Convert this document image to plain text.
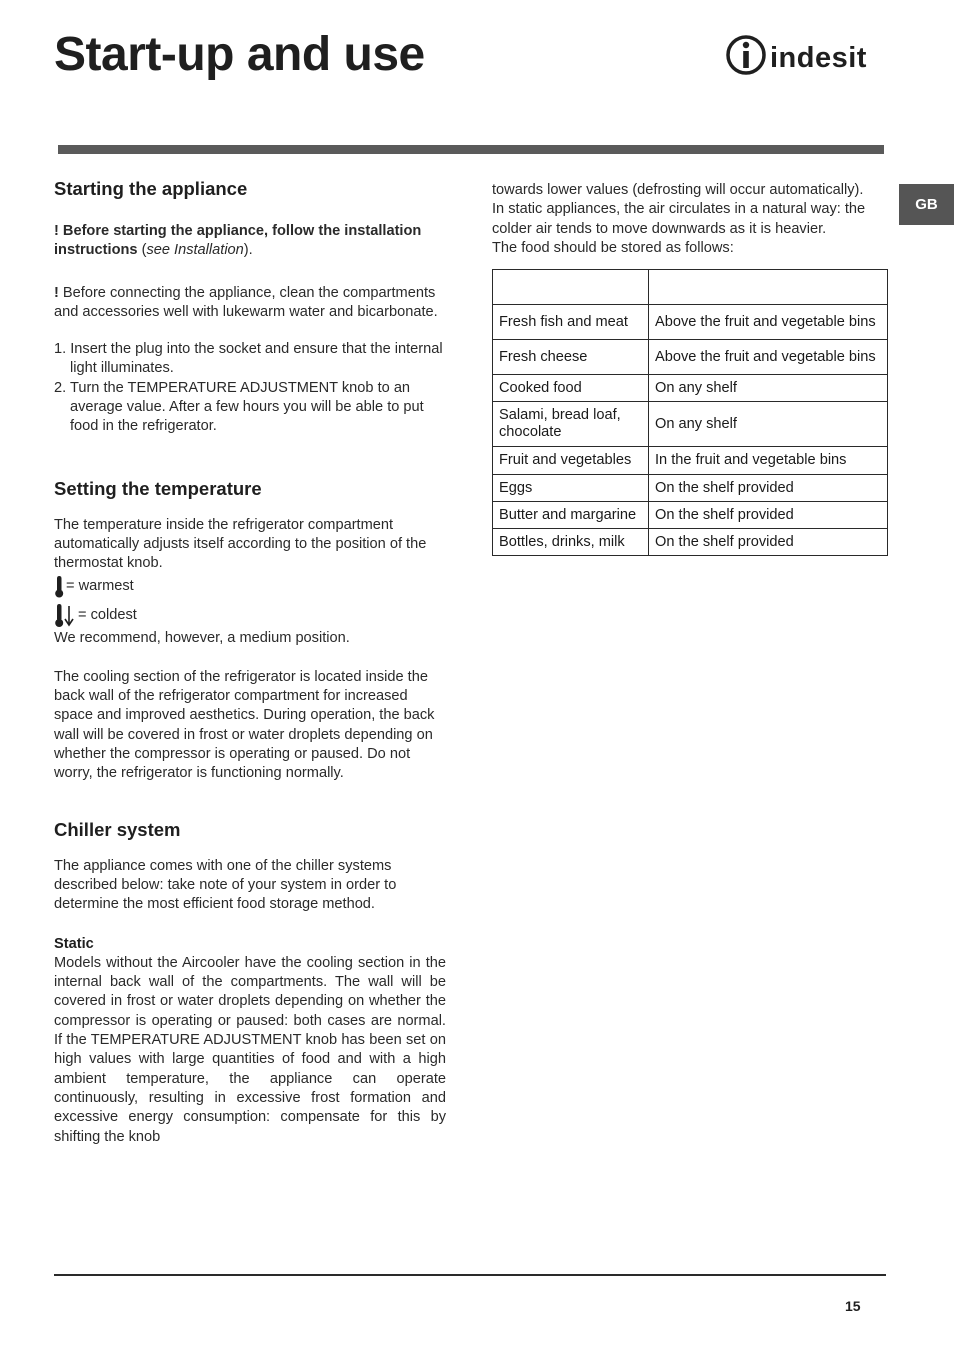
Start-up and use	indesit
GB
Starting the appliance

! Before starting the appliance, follow the installation instructions (see Installation).

! Before connecting the appliance, clean the compartments and accessories well with lukewarm water and bicarbonate.

1. Insert the plug into the socket and ensure that the internal light illuminates.
2. Turn the TEMPERATURE ADJUSTMENT knob to an average value. After a few hours you will be able to put food in the refrigerator.
Setting the temperature

The temperature inside the refrigerator compartment automatically adjusts itself according to the position of the thermostat knob.

= warmest
= coldest

We recommend, however, a medium position.

The cooling section of the refrigerator is located inside the back wall of the refrigerator compartment for increased space and improved aesthetics. During operation, the back wall will be covered in frost or water droplets depending on whether the compressor is operating or paused. Do not worry, the refrigerator is functioning normally.

Chiller system

The appliance comes with one of the chiller systems described below: take note of your system in order to determine the most efficient food storage method.

Static

Models without the Aircooler have the cooling section in the internal back wall of the compartments. The wall will be covered in frost or water droplets depending on whether the compressor is operating or paused: both cases are normal. If the TEMPERATURE ADJUSTMENT knob has been set on high values with large quantities of food and with a high ambient temperature, the appliance can operate continuously, resulting in excessive frost formation and excessive energy consumption: compensate for this by shifting the knob

towards lower values (defrosting will occur automatically).

In static appliances, the air circulates in a natural way: the colder air tends to move downwards as it is heavier.

The food should be stored as follows:

Fresh fish and meat	Above the fruit and vegetable bins
Fresh cheese	Above the fruit and vegetable bins
Cooked food	On any shelf
Salami, bread loaf, chocolate	On any shelf
Fruit and vegetables	In the fruit and vegetable bins
Eggs	On the shelf provided
Butter and margarine	On the shelf provided
Bottles, drinks, milk	On the shelf provided
15
